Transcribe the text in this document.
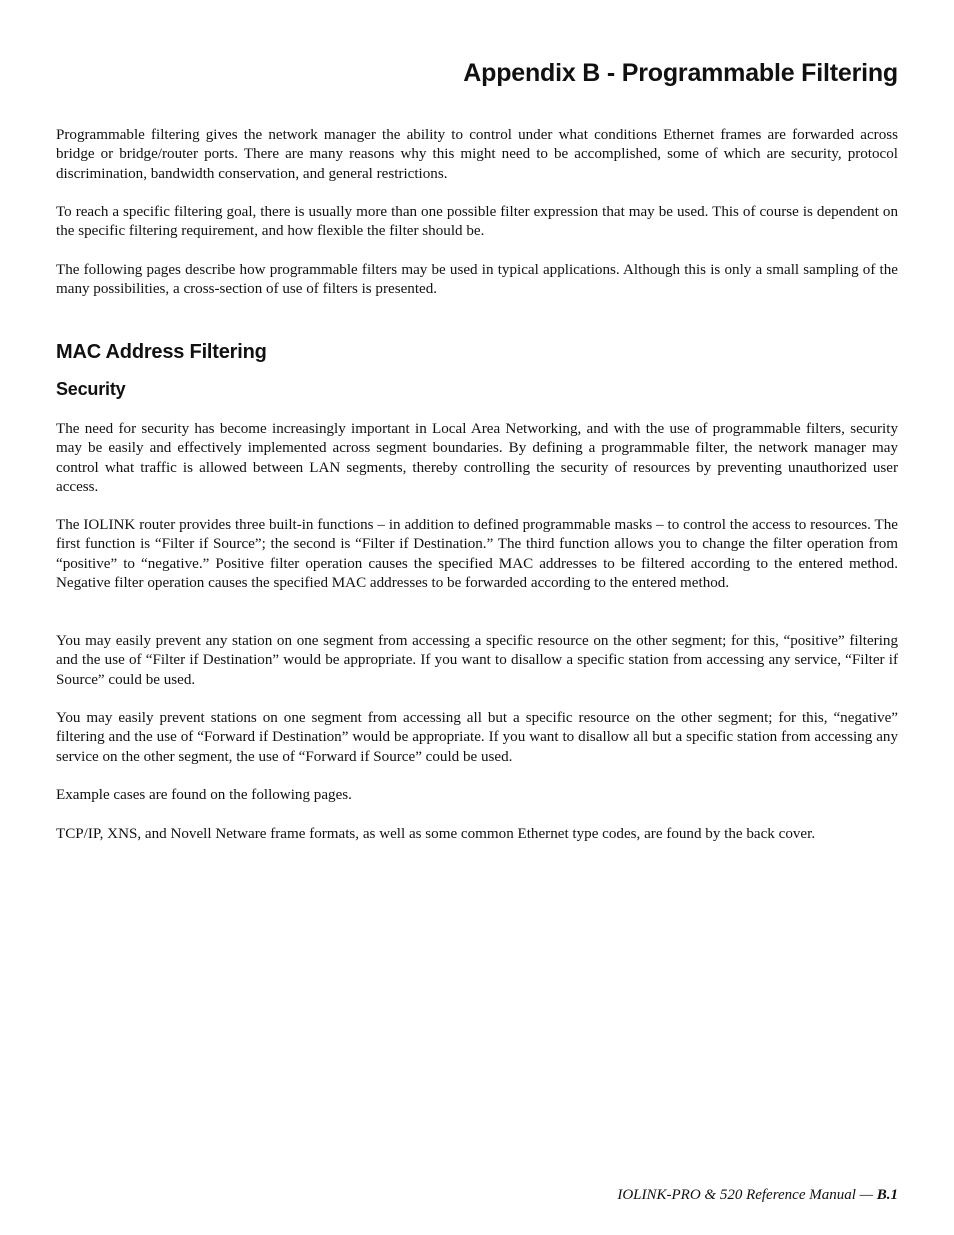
Appendix B - Programmable Filtering

Programmable filtering gives the network manager the ability to control under what conditions Ethernet frames are forwarded across bridge or bridge/router ports. There are many reasons why this might need to be accomplished, some of which are security, protocol discrimination, bandwidth conservation, and general restrictions.

To reach a specific filtering goal, there is usually more than one possible filter expression that may be used. This of course is dependent on the specific filtering requirement, and how flexible the filter should be.

The following pages describe how programmable filters may be used in typical applications. Although this is only a small sampling of the many possibilities, a cross-section of use of filters is presented.

MAC Address Filtering
Security

The need for security has become increasingly important in Local Area Networking, and with the use of programmable filters, security may be easily and effectively implemented across segment boundaries. By defining a programmable filter, the network manager may control what traffic is allowed between LAN segments, thereby controlling the security of resources by preventing unauthorized user access.

The IOLINK router provides three built-in functions – in addition to defined programmable masks – to control the access to resources. The first function is “Filter if Source”; the second is “Filter if Destination.” The third function allows you to change the filter operation from “positive” to “negative.” Positive filter operation causes the specified MAC addresses to be filtered according to the entered method. Negative filter operation causes the specified MAC addresses to be forwarded according to the entered method.

You may easily prevent any station on one segment from accessing a specific resource on the other segment; for this, “positive” filtering and the use of “Filter if Destination” would be appropriate. If you want to disallow a specific station from accessing any service, “Filter if Source” could be used.

You may easily prevent stations on one segment from accessing all but a specific resource on the other segment; for this, “negative” filtering and the use of “Forward if Destination” would be appropriate. If you want to disallow all but a specific station from accessing any service on the other segment, the use of “Forward if Source” could be used.

Example cases are found on the following pages.

TCP/IP, XNS, and Novell Netware frame formats, as well as some common Ethernet type codes, are found by the back cover.

IOLINK-PRO & 520 Reference Manual — B.1
